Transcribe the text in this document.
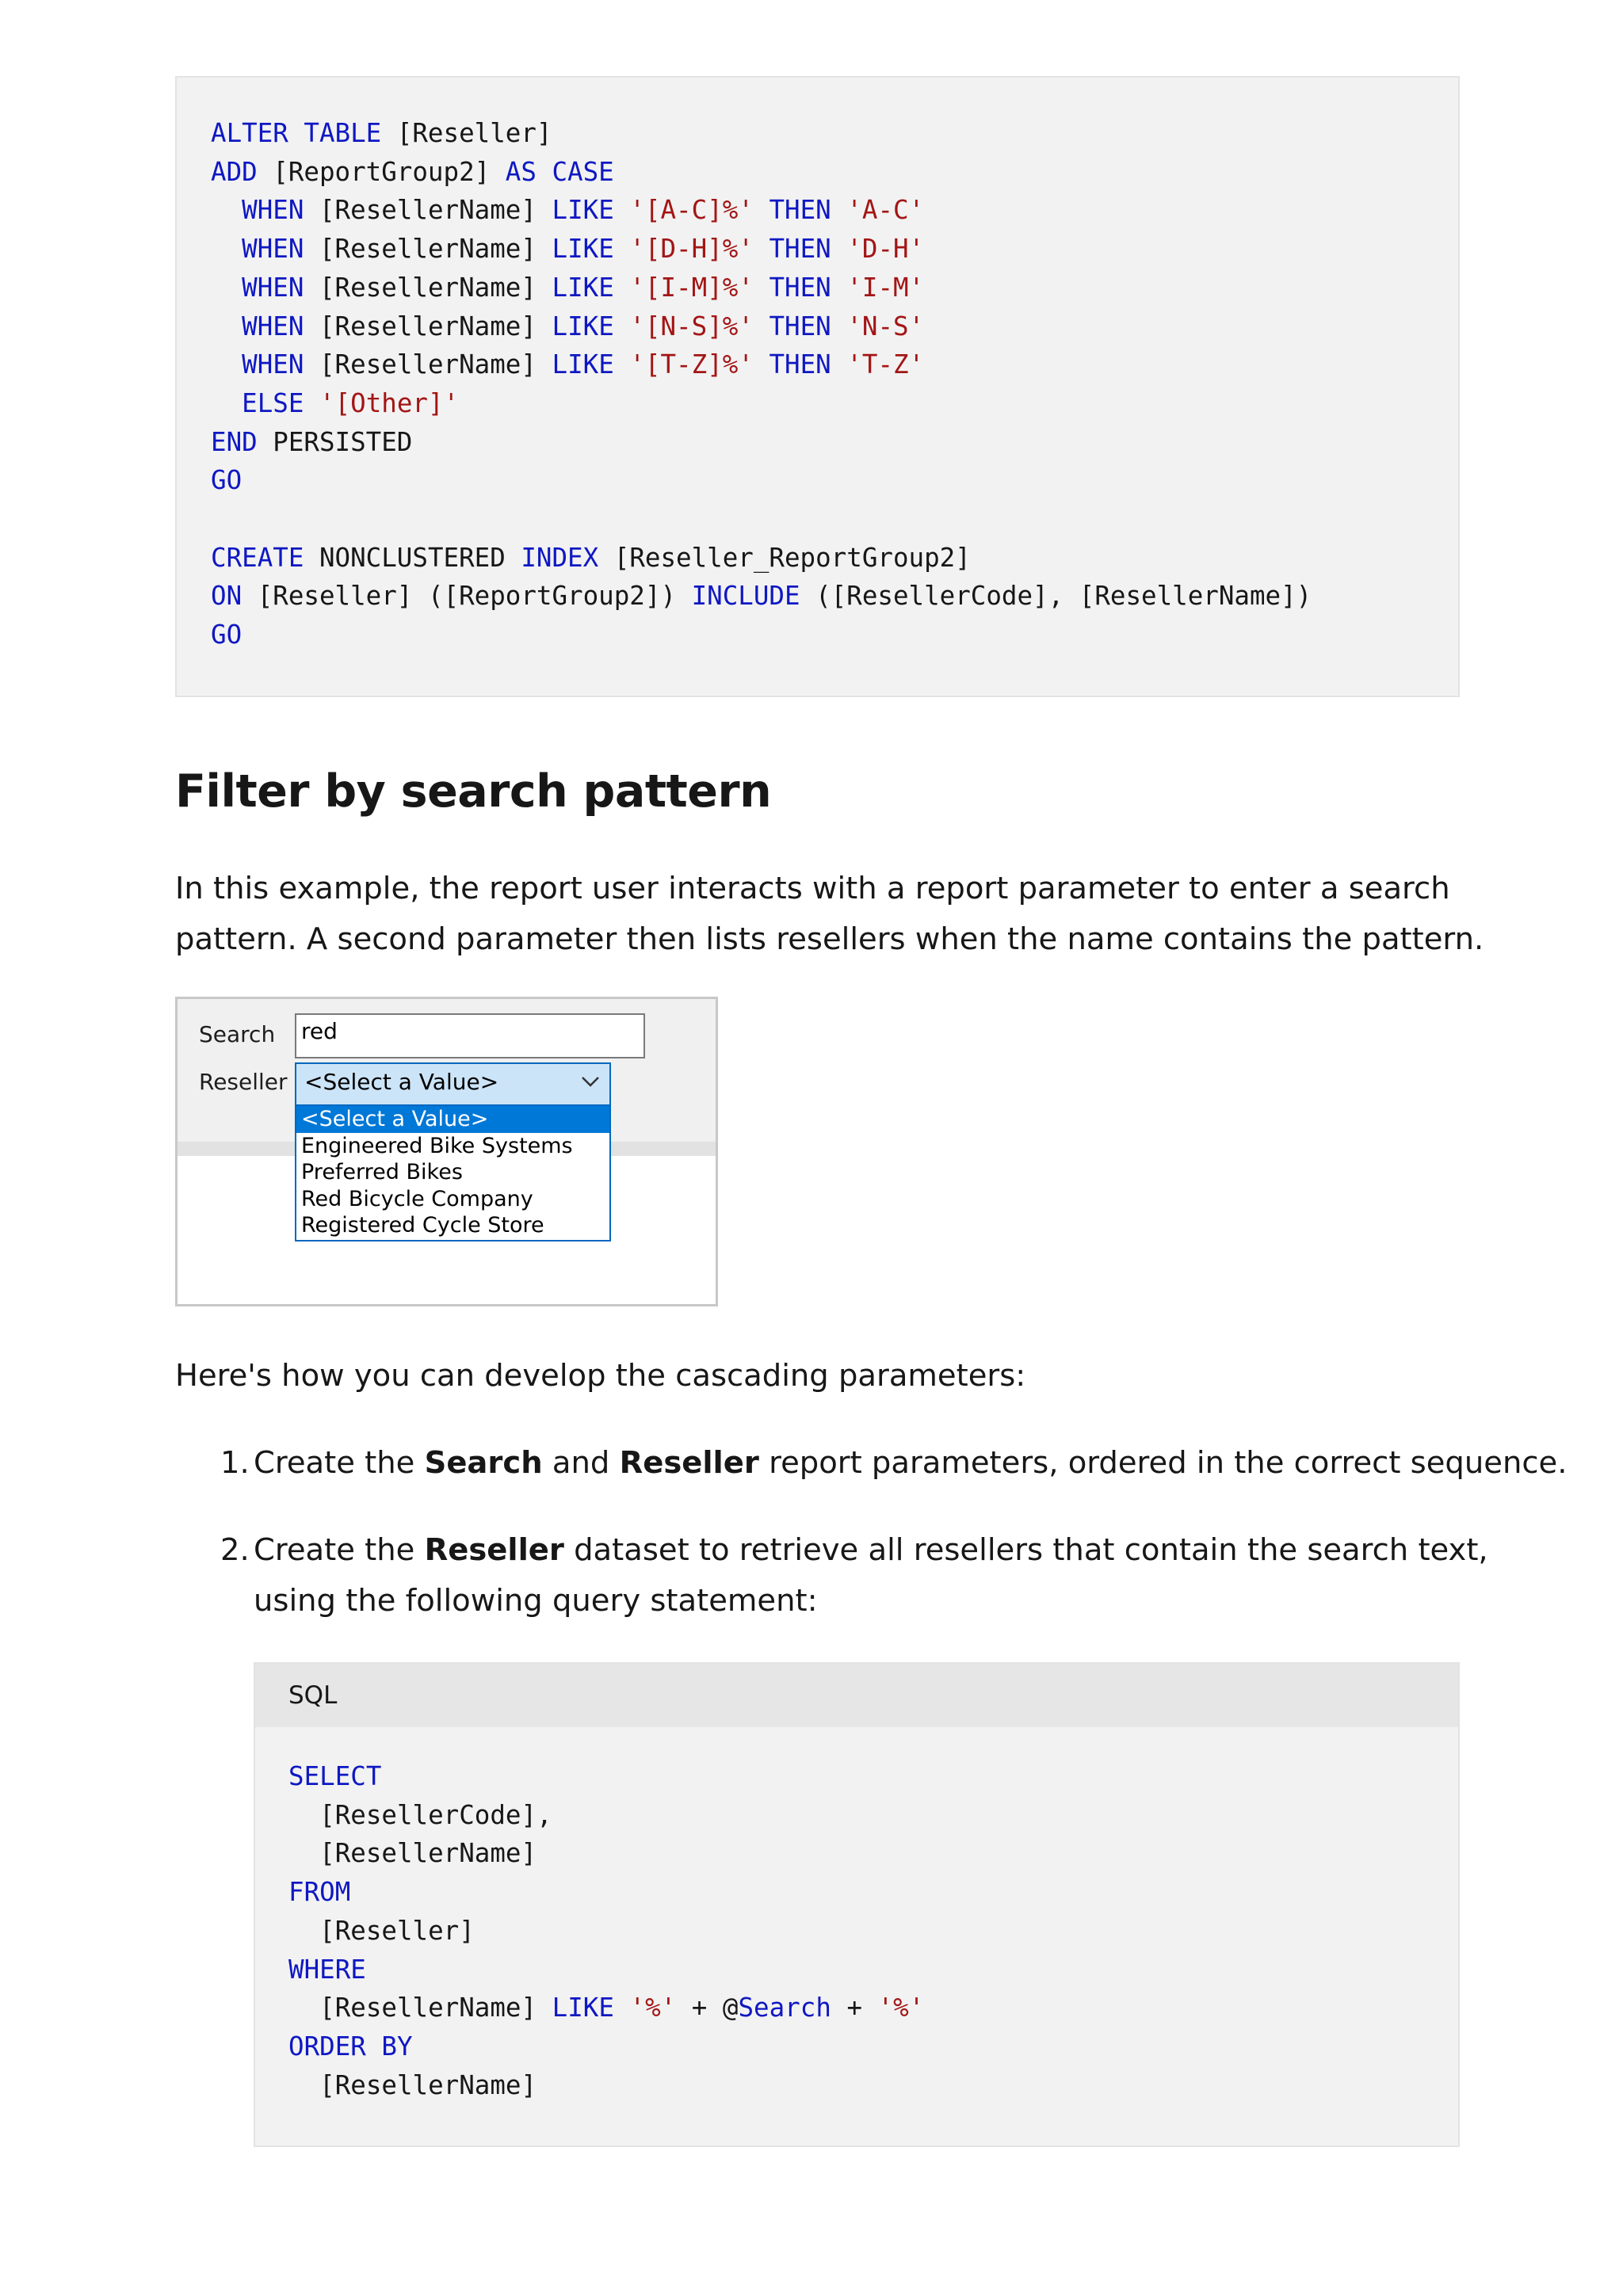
ALTER TABLE [Reseller]
ADD [ReportGroup2] AS CASE
WHEN [ResellerName] LIKE '[A-C]%' THEN 'A-C'
WHEN [ResellerName] LIKE '[D-H]%' THEN 'D-H'
WHEN [ResellerName] LIKE '[I-M]%' THEN 'I-M'
WHEN [ResellerName] LIKE '[N-S]%' THEN 'N-S'
WHEN [ResellerName] LIKE '[T-Z]%' THEN 'T-Z'
ELSE '[Other]'
END PERSISTED
GO

CREATE NONCLUSTERED INDEX [Reseller_ReportGroup2]
ON [Reseller] ([ReportGroup2]) INCLUDE ([ResellerCode], [ResellerName])
GO
Filter by search pattern

In this example, the report user interacts with a report parameter to enter a search

pattern. A second parameter then lists resellers when the name contains the pattern.

Search red
Reseller <Select a Value>
<Select a Value>
Engineered Bike Systems
Preferred Bikes
Red Bicycle Company
Registered Cycle Store

Here's how you can develop the cascading parameters:

1. Create the Search and Reseller report parameters, ordered in the correct sequence.

2. Create the Reseller dataset to retrieve all resellers that contain the search text,

using the following query statement:

SQL
SELECT
[ResellerCode],
[ResellerName]
FROM
[Reseller]
WHERE
[ResellerName] LIKE '%' + @Search + '%'
ORDER BY
[ResellerName]
